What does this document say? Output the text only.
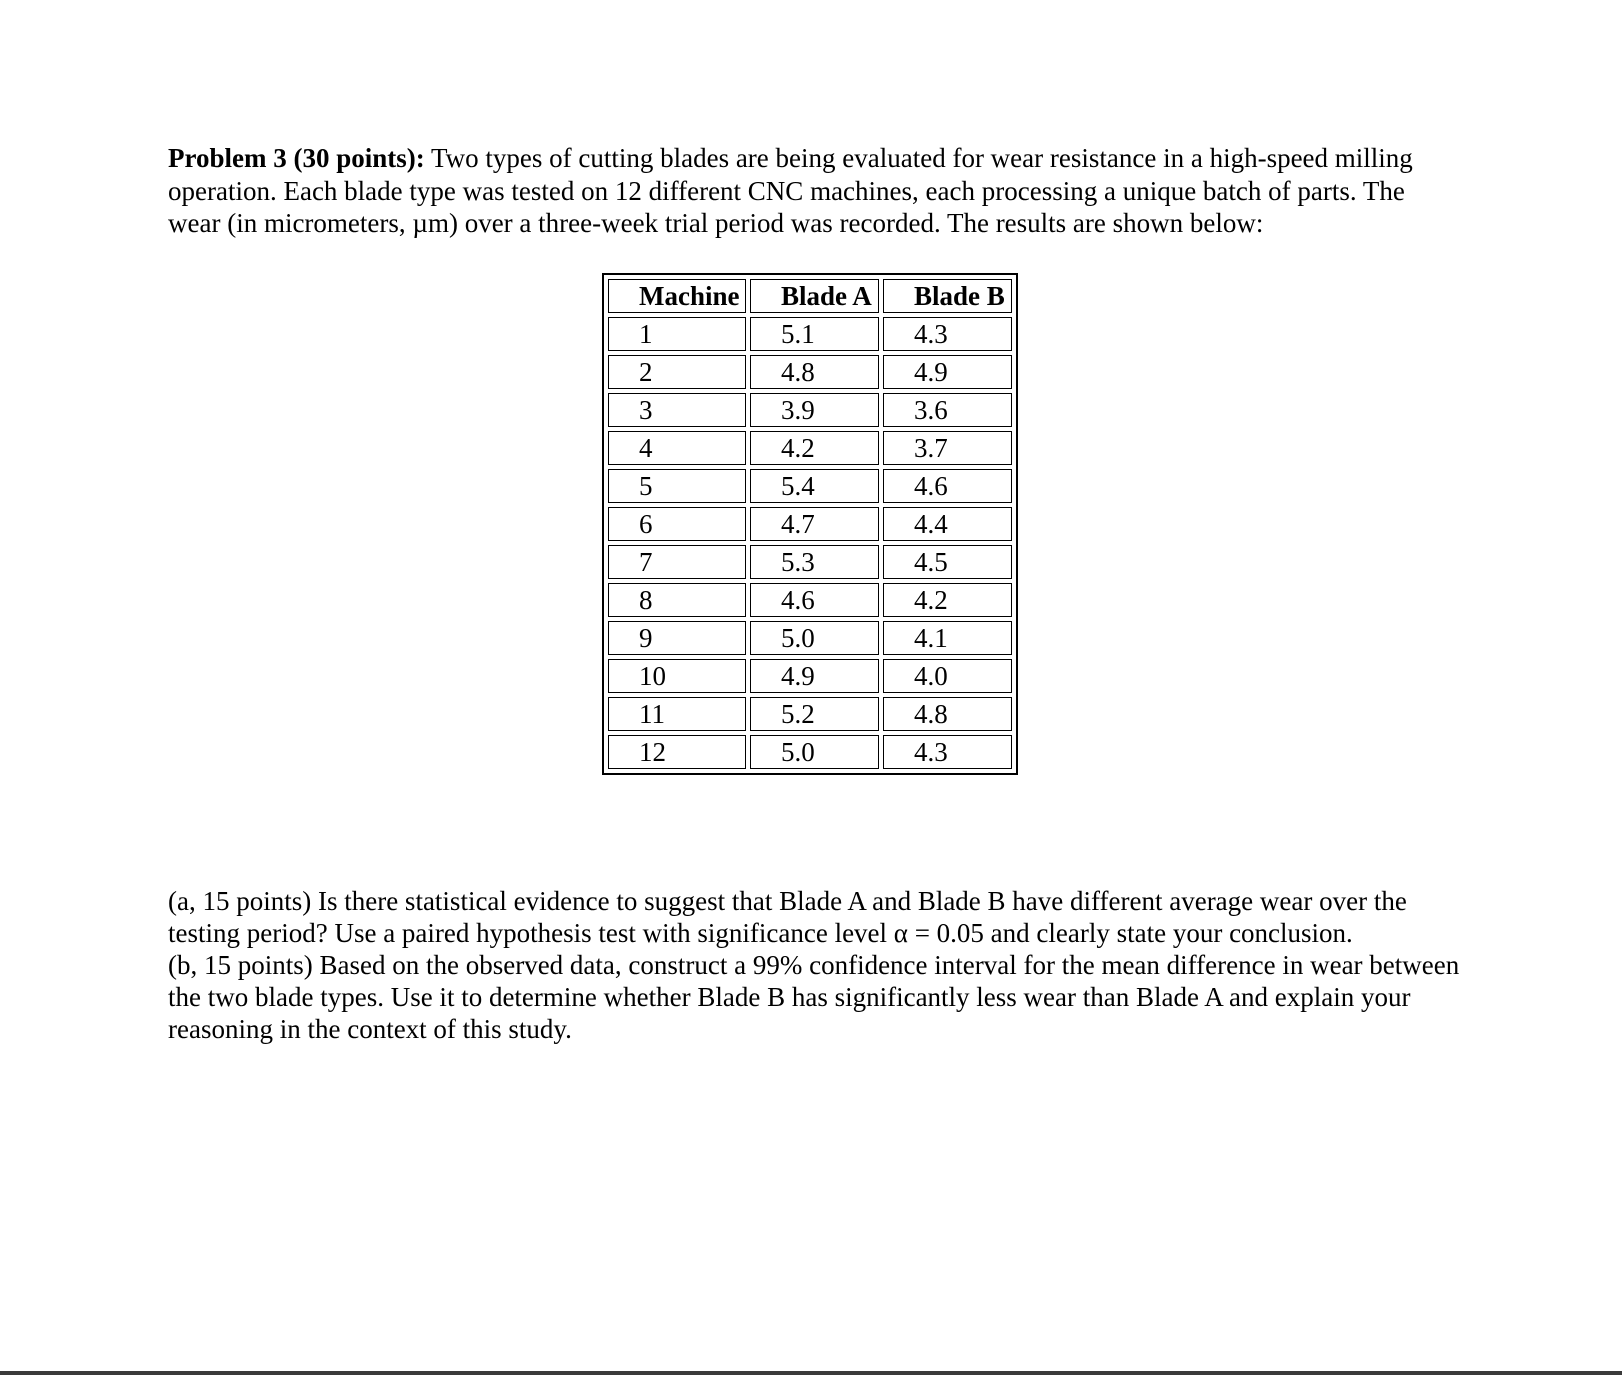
Problem 3 (30 points): Two types of cutting blades are being evaluated for wear resistance in a high-speed milling operation. Each blade type was tested on 12 different CNC machines, each processing a unique batch of parts. The wear (in micrometers, µm) over a three-week trial period was recorded. The results are shown below:
Machine	Blade A	Blade B
1	5.1	4.3
2	4.8	4.9
3	3.9	3.6
4	4.2	3.7
5	5.4	4.6
6	4.7	4.4
7	5.3	4.5
8	4.6	4.2
9	5.0	4.1
10	4.9	4.0
11	5.2	4.8
12	5.0	4.3

(a, 15 points) Is there statistical evidence to suggest that Blade A and Blade B have different average wear over the testing period? Use a paired hypothesis test with significance level α = 0.05 and clearly state your conclusion.

(b, 15 points) Based on the observed data, construct a 99% confidence interval for the mean difference in wear between the two blade types. Use it to determine whether Blade B has significantly less wear than Blade A and explain your reasoning in the context of this study.
